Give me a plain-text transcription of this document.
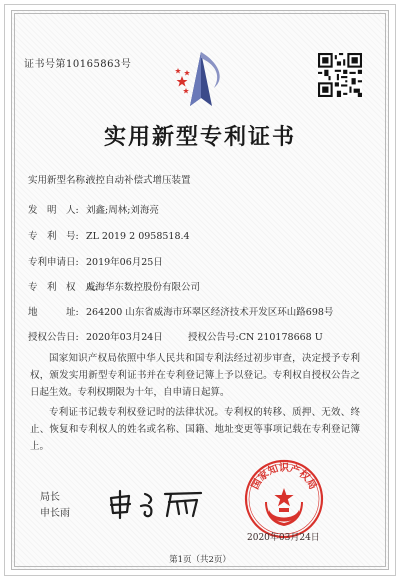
证书号第10165863号
实用新型专利证书
实用新型名称:液控自动补偿式增压装置
发　明　人: 刘鑫;周林;刘海亮
专　利　号: ZL 2019 2 0958518.4
专利申请日: 2019年06月25日
专　利　权　人:威海华东数控股份有限公司
地　　　址: 264200 山东省威海市环翠区经济技术开发区环山路698号
授权公告日: 2020年03月24日	授权公告号:CN 210178668 U
国家知识产权局依照中华人民共和国专利法经过初步审查，决定授予专利权，颁发实用新型专利证书并在专利登记簿上予以登记。专利权自授权公告之日起生效。专利权期限为十年，自申请日起算。
专利证书记载专利权登记时的法律状况。专利权的转移、质押、无效、终止、恢复和专利权人的姓名或名称、国籍、地址变更等事项记载在专利登记簿上。
局长
申长雨
国家知识产权局
2020年03月24日
第1页（共2页）
